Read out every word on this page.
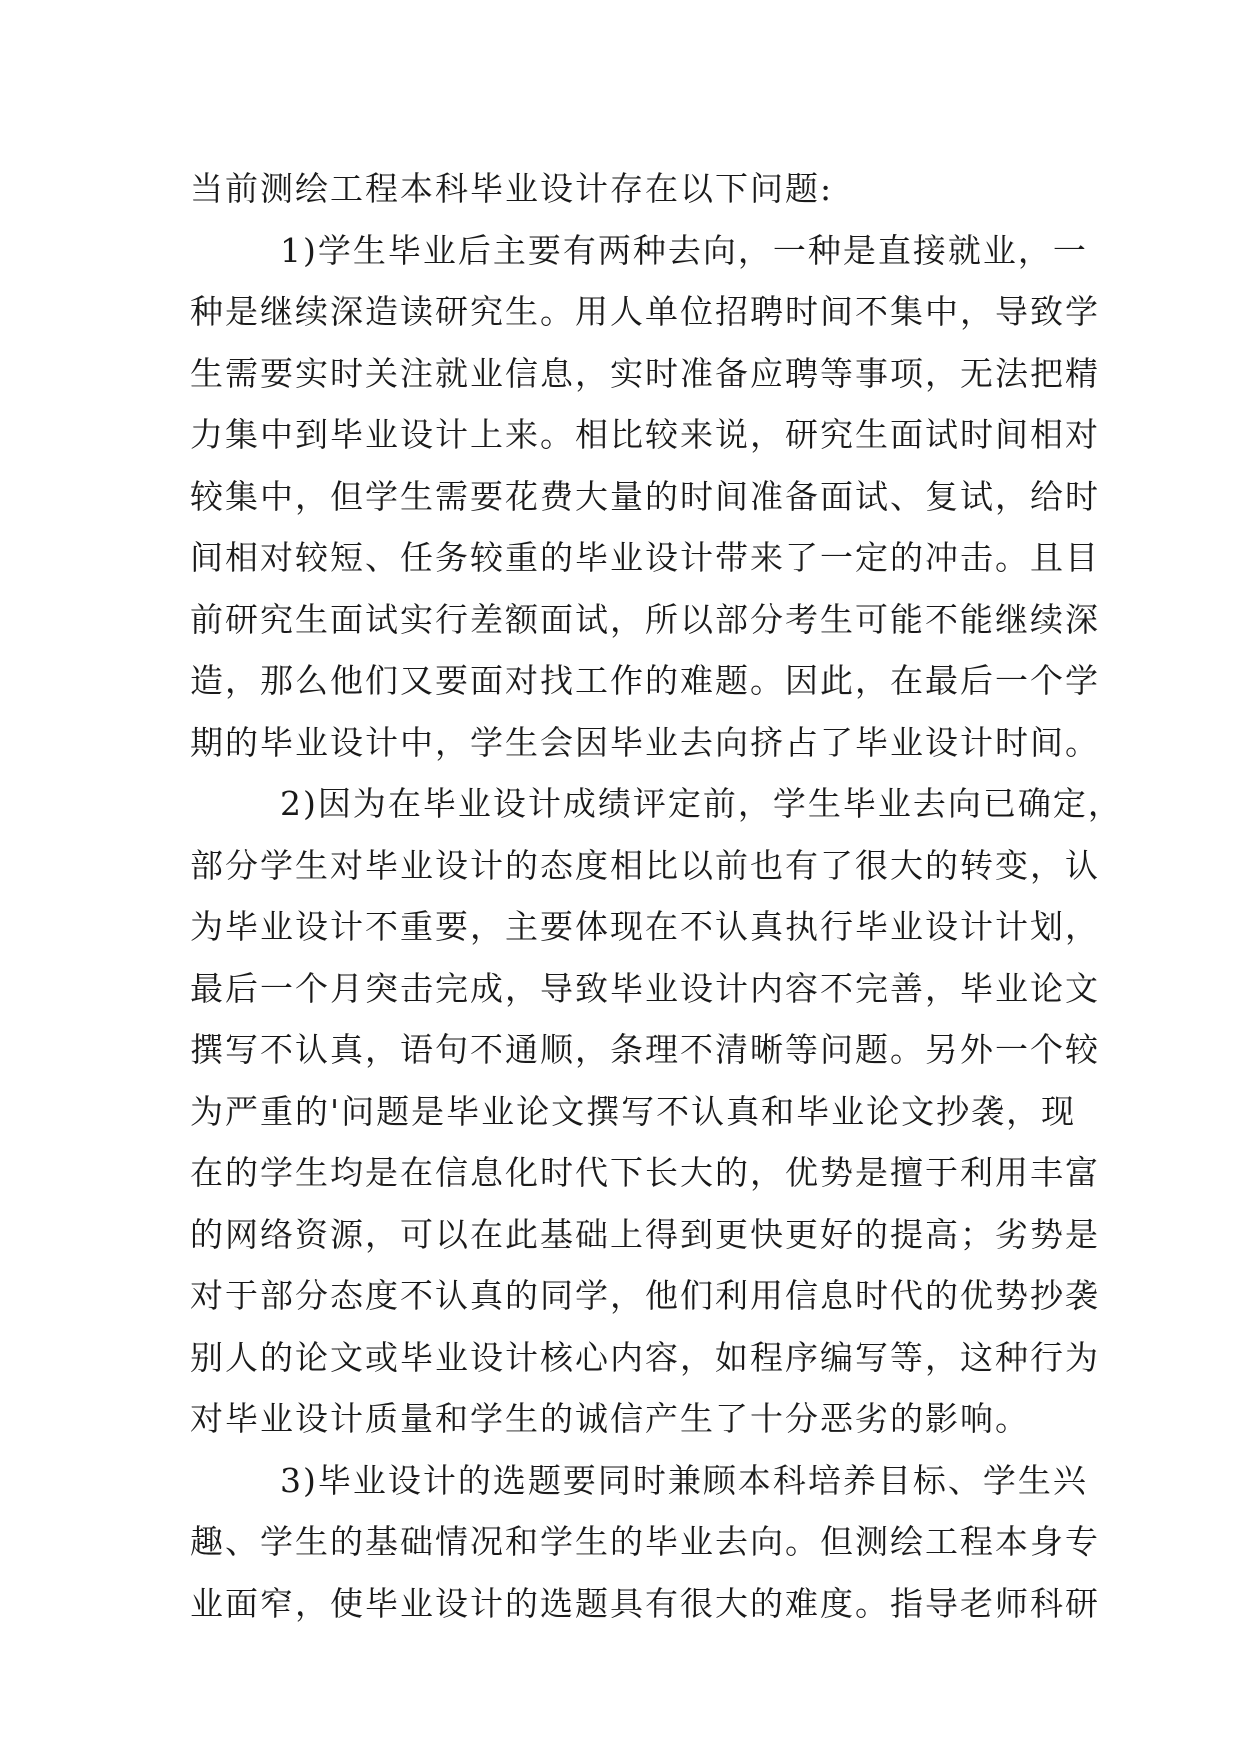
当前测绘工程本科毕业设计存在以下问题:
1)学生毕业后主要有两种去向，一种是直接就业，一
种是继续深造读研究生。用人单位招聘时间不集中，导致学
生需要实时关注就业信息，实时准备应聘等事项，无法把精
力集中到毕业设计上来。相比较来说，研究生面试时间相对
较集中，但学生需要花费大量的时间准备面试、复试，给时
间相对较短、任务较重的毕业设计带来了一定的冲击。且目
前研究生面试实行差额面试，所以部分考生可能不能继续深
造，那么他们又要面对找工作的难题。因此，在最后一个学
期的毕业设计中，学生会因毕业去向挤占了毕业设计时间。
2)因为在毕业设计成绩评定前，学生毕业去向已确定，
部分学生对毕业设计的态度相比以前也有了很大的转变，认
为毕业设计不重要，主要体现在不认真执行毕业设计计划，
最后一个月突击完成，导致毕业设计内容不完善，毕业论文
撰写不认真，语句不通顺，条理不清晰等问题。另外一个较
为严重的'问题是毕业论文撰写不认真和毕业论文抄袭，现
在的学生均是在信息化时代下长大的，优势是擅于利用丰富
的网络资源，可以在此基础上得到更快更好的提高；劣势是
对于部分态度不认真的同学，他们利用信息时代的优势抄袭
别人的论文或毕业设计核心内容，如程序编写等，这种行为
对毕业设计质量和学生的诚信产生了十分恶劣的影响。
3)毕业设计的选题要同时兼顾本科培养目标、学生兴
趣、学生的基础情况和学生的毕业去向。但测绘工程本身专
业面窄，使毕业设计的选题具有很大的难度。指导老师科研
